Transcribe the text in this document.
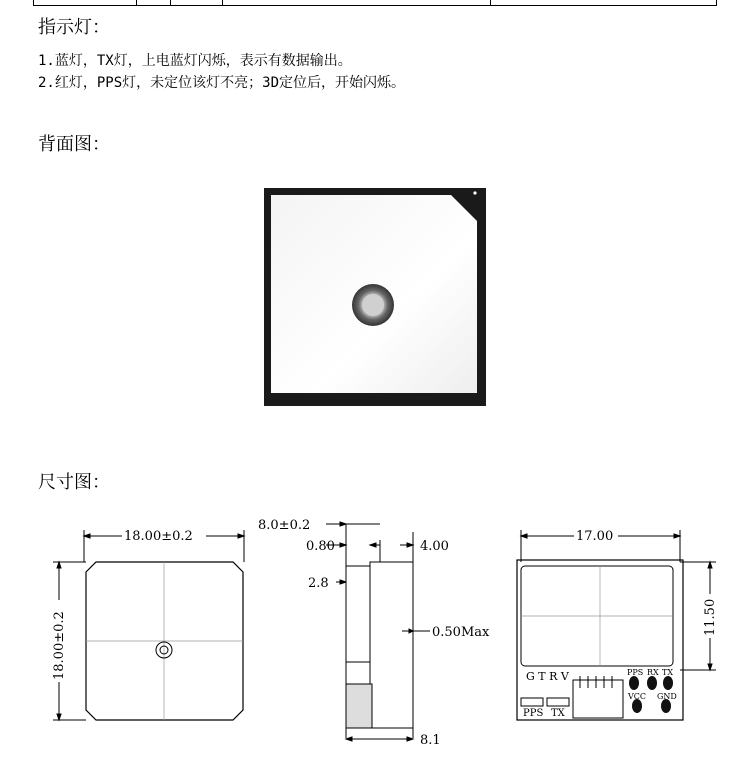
指示灯：
1.蓝灯，TX灯，上电蓝灯闪烁，表示有数据输出。
2.红灯，PPS灯，未定位该灯不亮；3D定位后，开始闪烁。
背面图：
尺寸图：
18.00±0.2
18.00±0.2
8.0±0.2
0.80	4.00
2.8
0.50Max
8.1
17.00
11.50
G T R V	PPS RX TX
VCC GND
PPS TX
